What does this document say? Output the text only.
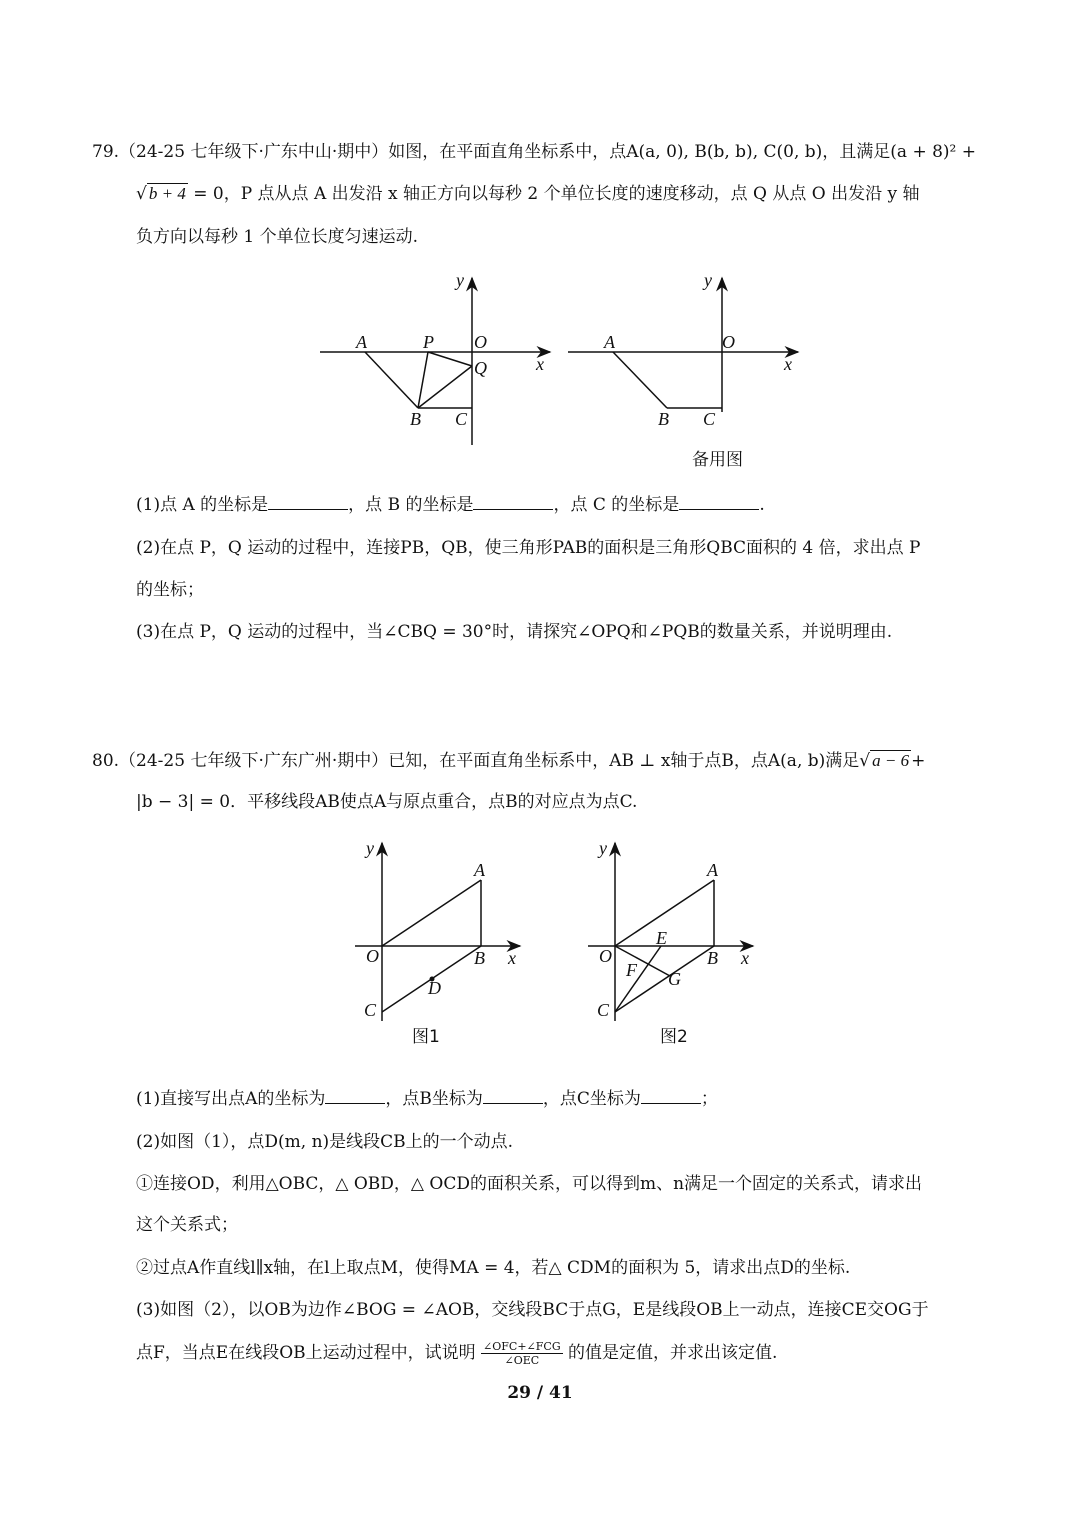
79.（24-25 七年级下·广东中山·期中）如图，在平面直角坐标系中，点A(a, 0), B(b, b), C(0, b)，且满足(a + 8)² +
√ b + 4 = 0，P 点从点 A 出发沿 x 轴正方向以每秒 2 个单位长度的速度移动，点 Q 从点 O 出发沿 y 轴
负方向以每秒 1 个单位长度匀速运动.
y
A	P O
Q	x
B C
y
A	O
x
B C
备用图
(1)点 A 的坐标是	，点 B 的坐标是	，点 C 的坐标是	.
(2)在点 P，Q 运动的过程中，连接PB，QB，使三角形PAB的面积是三角形QBC面积的 4 倍，求出点 P
的坐标；
(3)在点 P，Q 运动的过程中，当∠CBQ = 30°时，请探究∠OPQ和∠PQB的数量关系，并说明理由.
80.（24-25 七年级下·广东广州·期中）已知，在平面直角坐标系中，AB ⊥ x轴于点B，点A(a, b)满足√ a − 6 +
|b − 3| = 0．平移线段AB使点A与原点重合，点B的对应点为点C.
y
A
O	B x
D
C
图1
y
A
E
O	B x
F G
C
图2
(1)直接写出点A的坐标为	，点B坐标为	，点C坐标为	；
(2)如图（1），点D(m, n)是线段CB上的一个动点.
①连接OD，利用△OBC，△ OBD，△ OCD的面积关系，可以得到m、n满足一个固定的关系式，请求出
这个关系式；
②过点A作直线l∥x轴，在l上取点M，使得MA = 4，若△ CDM的面积为 5，请求出点D的坐标.
(3)如图（2），以OB为边作∠BOG = ∠AOB，交线段BC于点G，E是线段OB上一动点，连接CE交OG于
点F，当点E在线段OB上运动过程中，试说明 $\frac{\text{∠OFC+∠FCG}}{\text{∠OEC}}$ 的值是定值，并求出该定值.
29 / 41
